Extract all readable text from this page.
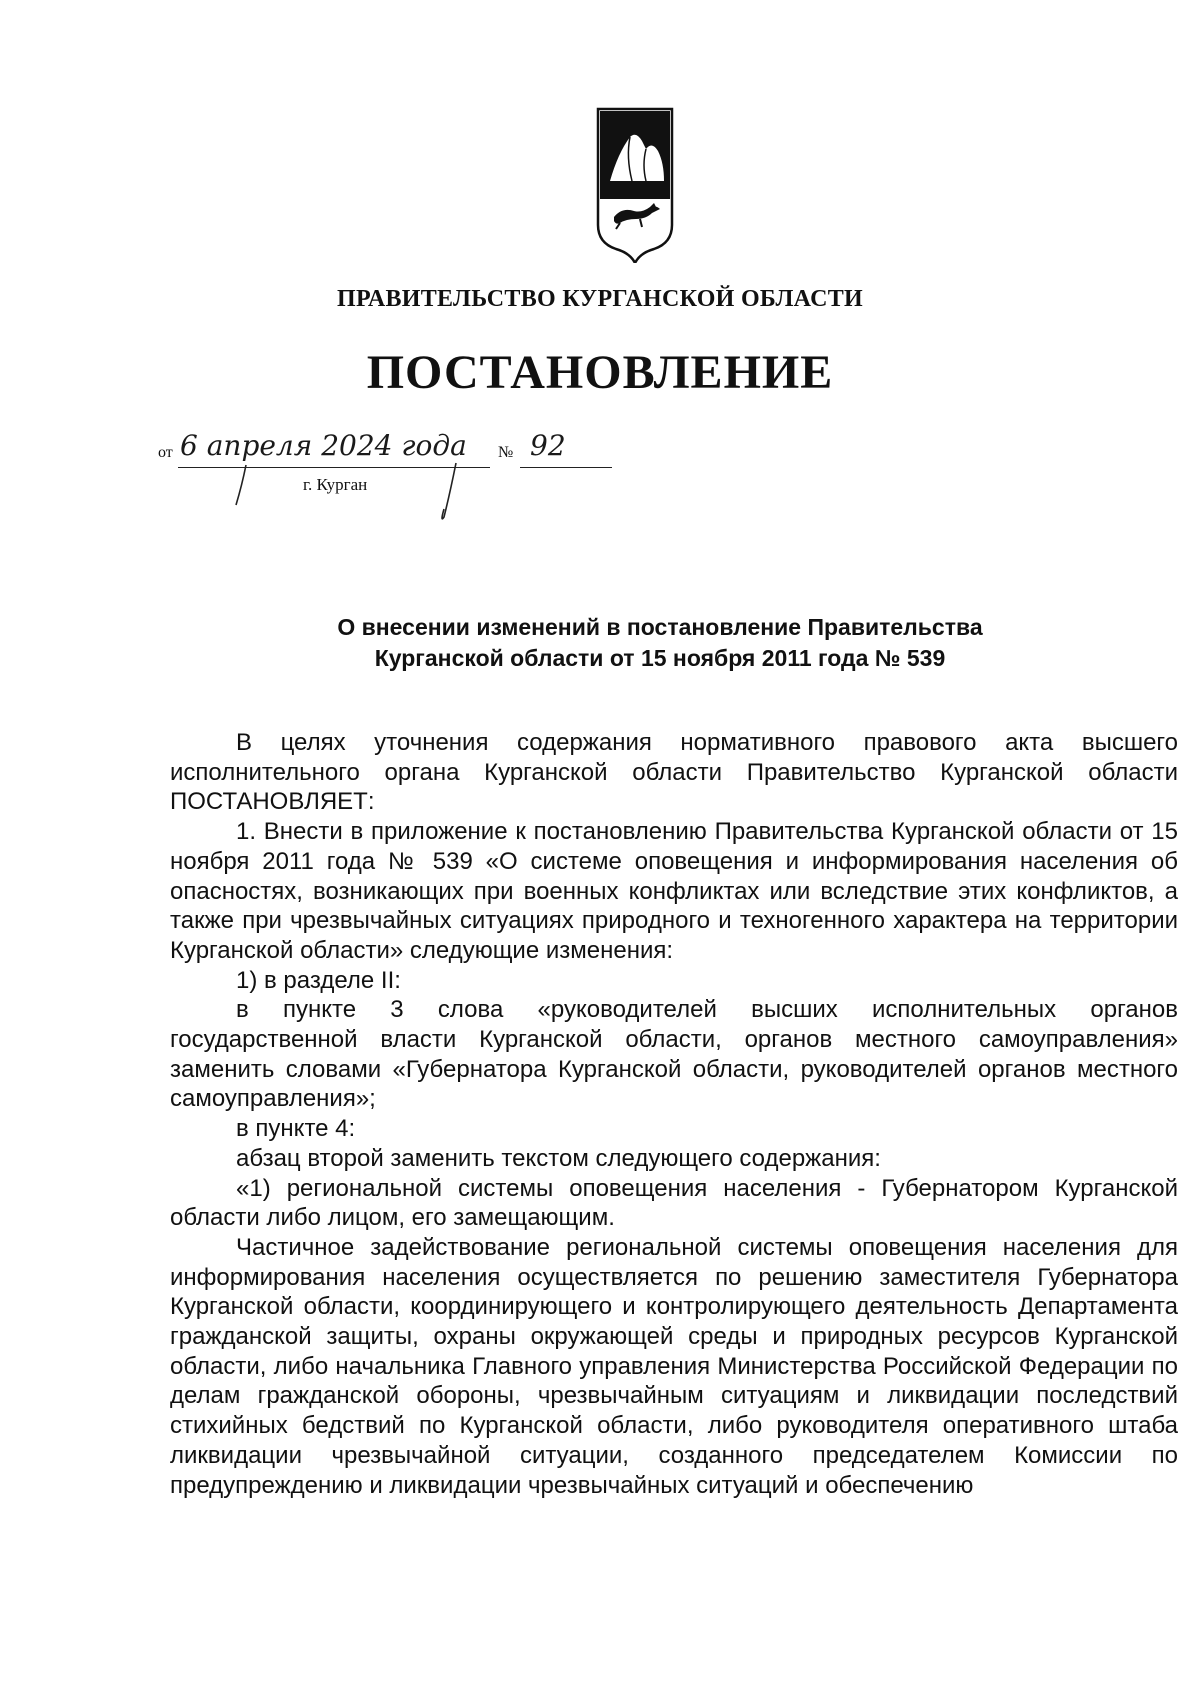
ПРАВИТЕЛЬСТВО КУРГАНСКОЙ ОБЛАСТИ
ПОСТАНОВЛЕНИЕ
от 6 апреля 2024 года № 92
г. Курган
О внесении изменений в постановление Правительства
Курганской области от 15 ноября 2011 года № 539

В целях уточнения содержания нормативного правового акта высшего исполнительного органа Курганской области Правительство Курганской области ПОСТАНОВЛЯЕТ:

1. Внести в приложение к постановлению Правительства Курганской области от 15 ноября 2011 года № 539 «О системе оповещения и информирования населения об опасностях, возникающих при военных конфликтах или вследствие этих конфликтов, а также при чрезвычайных ситуациях природного и техногенного характера на территории Курганской области» следующие изменения:

1) в разделе II:

в пункте 3 слова «руководителей высших исполнительных органов государственной власти Курганской области, органов местного самоуправления» заменить словами «Губернатора Курганской области, руководителей органов местного самоуправления»;

в пункте 4:

абзац второй заменить текстом следующего содержания:

«1) региональной системы оповещения населения - Губернатором Курганской области либо лицом, его замещающим.

Частичное задействование региональной системы оповещения населения для информирования населения осуществляется по решению заместителя Губернатора Курганской области, координирующего и контролирующего деятельность Департамента гражданской защиты, охраны окружающей среды и природных ресурсов Курганской области, либо начальника Главного управления Министерства Российской Федерации по делам гражданской обороны, чрезвычайным ситуациям и ликвидации последствий стихийных бедствий по Курганской области, либо руководителя оперативного штаба ликвидации чрезвычайной ситуации, созданного председателем Комиссии по предупреждению и ликвидации чрезвычайных ситуаций и обеспечению
